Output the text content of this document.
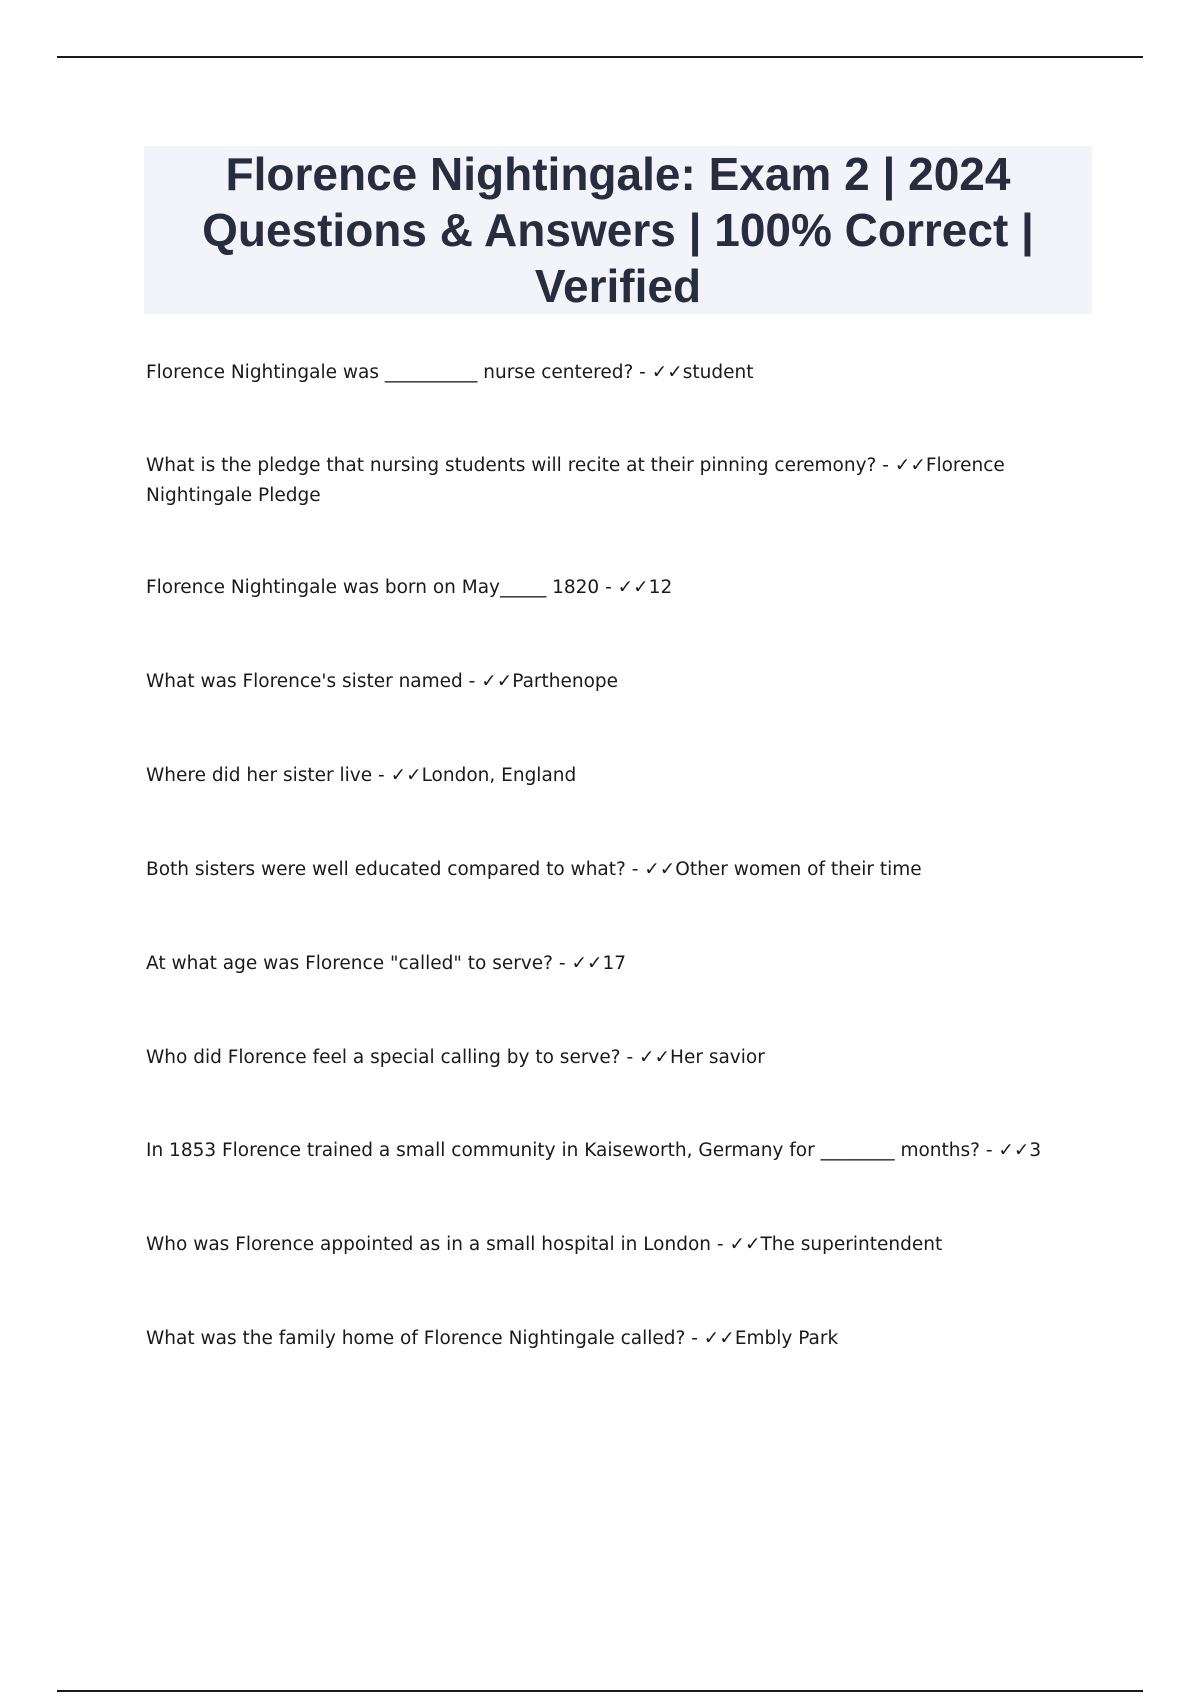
Florence Nightingale: Exam 2 | 2024 Questions & Answers | 100% Correct | Verified
Florence Nightingale was __________ nurse centered? - ✓✓student
What is the pledge that nursing students will recite at their pinning ceremony? - ✓✓Florence Nightingale Pledge
Florence Nightingale was born on May_____ 1820 - ✓✓12
What was Florence's sister named - ✓✓Parthenope
Where did her sister live - ✓✓London, England
Both sisters were well educated compared to what? - ✓✓Other women of their time
At what age was Florence "called" to serve? - ✓✓17
Who did Florence feel a special calling by to serve? - ✓✓Her savior
In 1853 Florence trained a small community in Kaiseworth, Germany for ________ months? - ✓✓3
Who was Florence appointed as in a small hospital in London - ✓✓The superintendent
What was the family home of Florence Nightingale called? - ✓✓Embly Park
